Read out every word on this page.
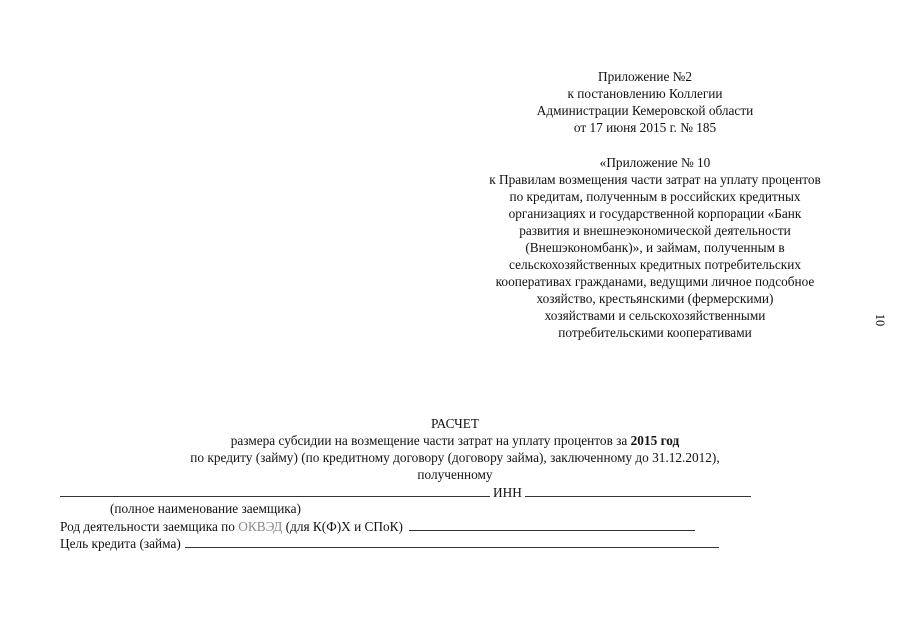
Приложение №2
к постановлению Коллегии
Администрации Кемеровской области
от 17 июня 2015 г. № 185
«Приложение № 10
к Правилам возмещения части затрат на уплату процентов
по кредитам, полученным в российских кредитных
организациях и государственной корпорации «Банк
развития и внешнеэкономической деятельности
(Внешэкономбанк)», и займам, полученным в
сельскохозяйственных кредитных потребительских
кооперативах гражданами, ведущими личное подсобное
хозяйство, крестьянскими (фермерскими)
хозяйствами и сельскохозяйственными
потребительскими кооперативами
10
РАСЧЕТ
размера субсидии на возмещение части затрат на уплату процентов за 2015 год
по кредиту (займу) (по кредитному договору (договору займа), заключенному до 31.12.2012),
полученному
ИНН
(полное наименование заемщика)
Род деятельности заемщика по ОКВЭД (для К(Ф)Х и СПоК)
Цель кредита (займа)
